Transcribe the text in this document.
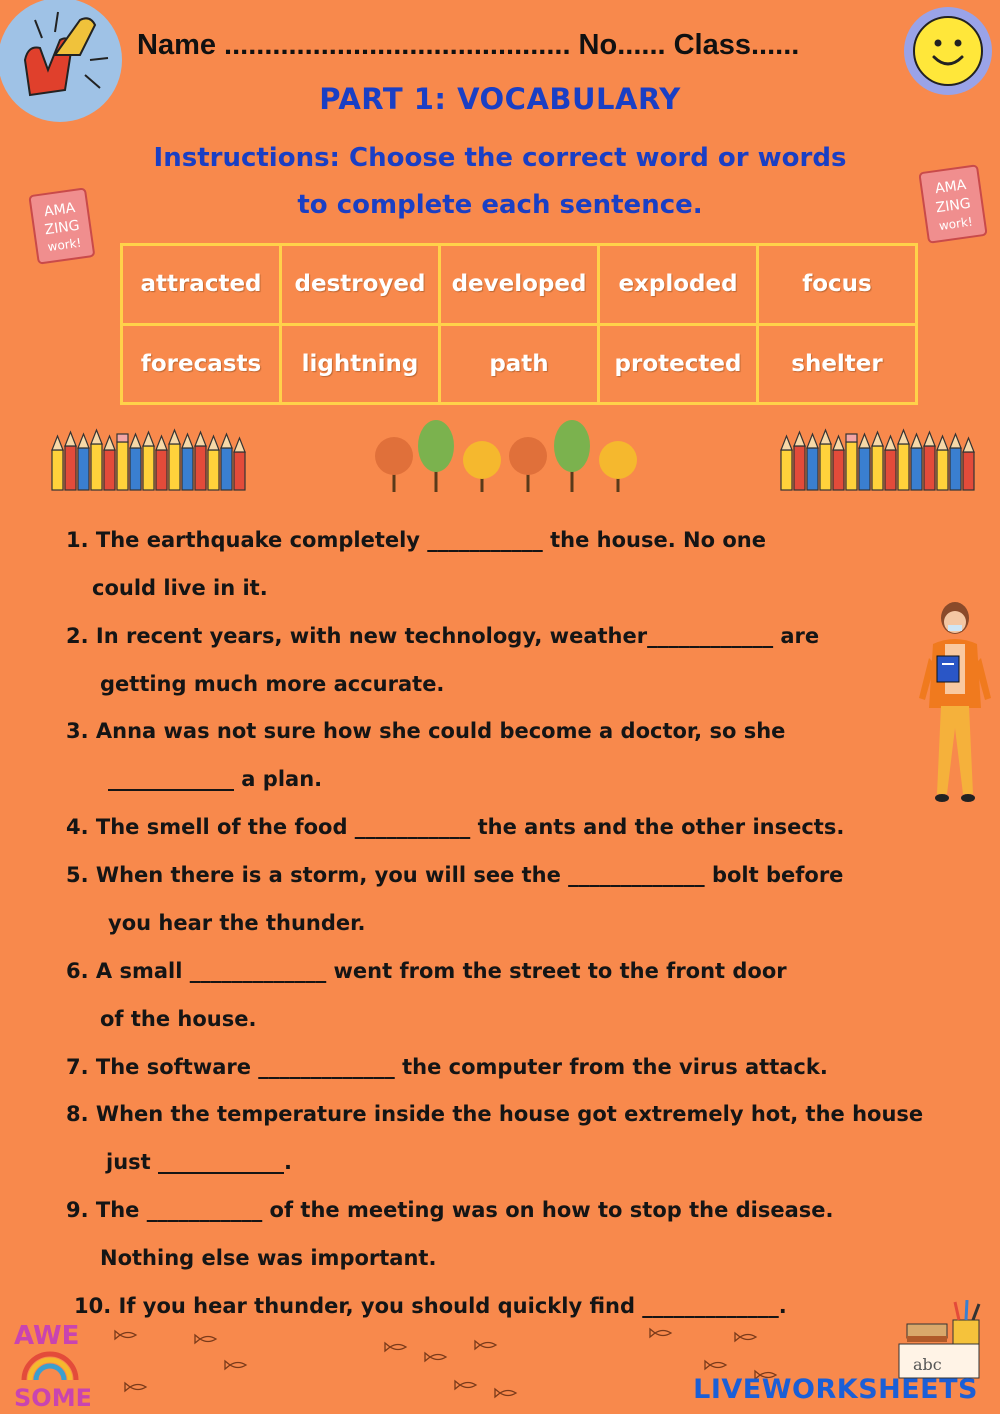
Name ........................................... No...... Class......
PART 1: VOCABULARY
Instructions: Choose the correct word or words
to complete each sentence.
AMA
ZING
work!
AMA
ZING
work!
attracted	destroyed	developed	exploded	focus
forecasts	lightning	path	protected	shelter
1. The earthquake completely ___________ the house. No one
could live in it.
2. In recent years, with new technology, weather____________ are
getting much more accurate.
3. Anna was not sure how she could become a doctor, so she
____________ a plan.
4. The smell of the food ___________ the ants and the other insects.
5. When there is a storm, you will see the _____________ bolt before
you hear the thunder.
6. A small _____________ went from the street to the front door
of the house.
7. The software _____________ the computer from the virus attack.
8. When the temperature inside the house got extremely hot, the house
just ____________.
9. The ___________ of the meeting was on how to stop the disease.
Nothing else was important.
10. If you hear thunder, you should quickly find _____________.
AWE
SOME
abc
LIVEWORKSHEETS
